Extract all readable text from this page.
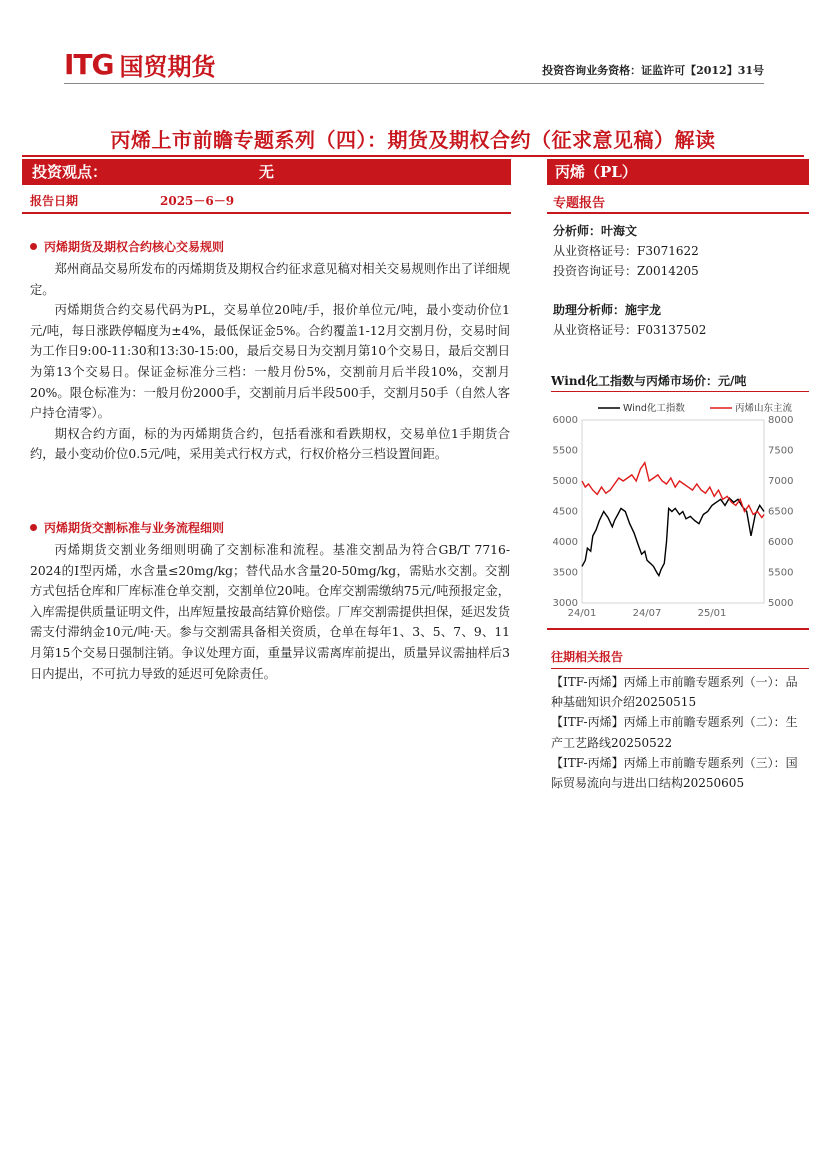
ITG 国贸期货	投资咨询业务资格：证监许可【2012】31号
丙烯上市前瞻专题系列（四）：期货及期权合约（征求意见稿）解读
投资观点：	无	丙烯（PL）
报告日期	2025－6－9	专题报告
丙烯期货及期权合约核心交易规则

郑州商品交易所发布的丙烯期货及期权合约征求意见稿对相关交易规则作出了详细规定。

丙烯期货合约交易代码为PL，交易单位20吨/手，报价单位元/吨，最小变动价位1元/吨，每日涨跌停幅度为±4%，最低保证金5%。合约覆盖1-12月交割月份，交易时间为工作日9:00-11:30和13:30-15:00，最后交易日为交割月第10个交易日，最后交割日为第13个交易日。保证金标准分三档：一般月份5%，交割前月后半段10%，交割月20%。限仓标准为：一般月份2000手，交割前月后半段500手，交割月50手（自然人客户持仓清零）。

期权合约方面，标的为丙烯期货合约，包括看涨和看跌期权，交易单位1手期货合约，最小变动价位0.5元/吨，采用美式行权方式，行权价格分三档设置间距。

丙烯期货交割标准与业务流程细则

丙烯期货交割业务细则明确了交割标准和流程。基准交割品为符合GB/T 7716-2024的I型丙烯，水含量≤20mg/kg；替代品水含量20-50mg/kg，需贴水交割。交割方式包括仓库和厂库标准仓单交割，交割单位20吨。仓库交割需缴纳75元/吨预报定金，入库需提供质量证明文件，出库短量按最高结算价赔偿。厂库交割需提供担保，延迟发货需支付滞纳金10元/吨·天。参与交割需具备相关资质，仓单在每年1、3、5、7、9、11月第15个交易日强制注销。争议处理方面，重量异议需离库前提出，质量异议需抽样后3日内提出，不可抗力导致的延迟可免除责任。

分析师：叶海文
从业资格证号：F3071622
投资咨询证号：Z0014205
助理分析师：施宇龙
从业资格证号：F03137502
Wind化工指数与丙烯市场价：元/吨
3000
3500
4000
4500
5000
5500
6000
5000
5500
6000
6500
7000
7500
8000
24/01	24/07	25/01
Wind化工指数	丙烯山东主流
往期相关报告

【ITF-丙烯】丙烯上市前瞻专题系列（一）：品种基础知识介绍20250515

【ITF-丙烯】丙烯上市前瞻专题系列（二）：生产工艺路线20250522

【ITF-丙烯】丙烯上市前瞻专题系列（三）：国际贸易流向与进出口结构20250605
